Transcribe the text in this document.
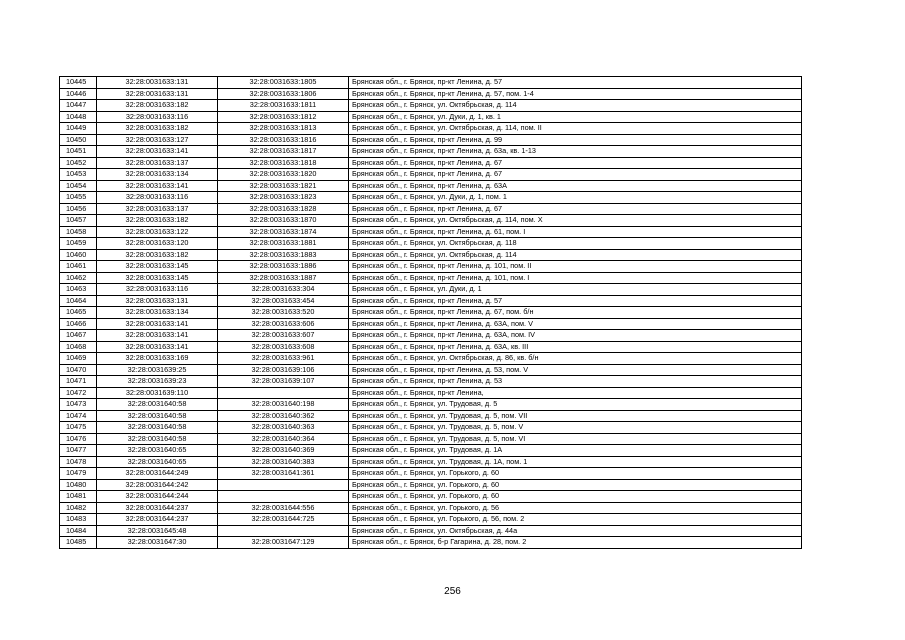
10445	32:28:0031633:131	32:28:0031633:1805	Брянская обл., г. Брянск, пр-кт Ленина, д. 57
10446	32:28:0031633:131	32:28:0031633:1806	Брянская обл., г. Брянск, пр-кт Ленина, д. 57, пом. 1-4
10447	32:28:0031633:182	32:28:0031633:1811	Брянская обл., г. Брянск, ул. Октябрьская, д. 114
10448	32:28:0031633:116	32:28:0031633:1812	Брянская обл., г. Брянск, ул. Дуки, д. 1, кв. 1
10449	32:28:0031633:182	32:28:0031633:1813	Брянская обл., г. Брянск, ул. Октябрьская, д. 114, пом. II
10450	32:28:0031633:127	32:28:0031633:1816	Брянская обл., г. Брянск, пр-кт Ленина, д. 99
10451	32:28:0031633:141	32:28:0031633:1817	Брянская обл., г. Брянск, пр-кт Ленина, д. 63а, кв. 1-13
10452	32:28:0031633:137	32:28:0031633:1818	Брянская обл., г. Брянск, пр-кт Ленина, д. 67
10453	32:28:0031633:134	32:28:0031633:1820	Брянская обл., г. Брянск, пр-кт Ленина, д. 67
10454	32:28:0031633:141	32:28:0031633:1821	Брянская обл., г. Брянск, пр-кт Ленина, д. 63А
10455	32:28:0031633:116	32:28:0031633:1823	Брянская обл., г. Брянск, ул. Дуки, д. 1, пом. 1
10456	32:28:0031633:137	32:28:0031633:1828	Брянская обл., г. Брянск, пр-кт Ленина, д. 67
10457	32:28:0031633:182	32:28:0031633:1870	Брянская обл., г. Брянск, ул. Октябрьская, д. 114, пом. X
10458	32:28:0031633:122	32:28:0031633:1874	Брянская обл., г. Брянск, пр-кт Ленина, д. 61, пом. I
10459	32:28:0031633:120	32:28:0031633:1881	Брянская обл., г. Брянск, ул. Октябрьская, д. 118
10460	32:28:0031633:182	32:28:0031633:1883	Брянская обл., г. Брянск, ул. Октябрьская, д. 114
10461	32:28:0031633:145	32:28:0031633:1886	Брянская обл., г. Брянск, пр-кт Ленина, д. 101, пом. II
10462	32:28:0031633:145	32:28:0031633:1887	Брянская обл., г. Брянск, пр-кт Ленина, д. 101, пом. I
10463	32:28:0031633:116	32:28:0031633:304	Брянская обл., г. Брянск, ул. Дуки, д. 1
10464	32:28:0031633:131	32:28:0031633:454	Брянская обл., г. Брянск, пр-кт Ленина, д. 57
10465	32:28:0031633:134	32:28:0031633:520	Брянская обл., г. Брянск, пр-кт Ленина, д. 67, пом. б/н
10466	32:28:0031633:141	32:28:0031633:606	Брянская обл., г. Брянск, пр-кт Ленина, д. 63А, пом. V
10467	32:28:0031633:141	32:28:0031633:607	Брянская обл., г. Брянск, пр-кт Ленина, д. 63А, пом. IV
10468	32:28:0031633:141	32:28:0031633:608	Брянская обл., г. Брянск, пр-кт Ленина, д. 63А, кв. III
10469	32:28:0031633:169	32:28:0031633:961	Брянская обл., г. Брянск, ул. Октябрьская, д. 86, кв. б/н
10470	32:28:0031639:25	32:28:0031639:106	Брянская обл., г. Брянск, пр-кт Ленина, д. 53, пом. V
10471	32:28:0031639:23	32:28:0031639:107	Брянская обл., г. Брянск, пр-кт Ленина, д. 53
10472	32:28:0031639:110		Брянская обл., г. Брянск, пр-кт Ленина,
10473	32:28:0031640:58	32:28:0031640:198	Брянская обл., г. Брянск, ул. Трудовая, д. 5
10474	32:28:0031640:58	32:28:0031640:362	Брянская обл., г. Брянск, ул. Трудовая, д. 5, пом. VII
10475	32:28:0031640:58	32:28:0031640:363	Брянская обл., г. Брянск, ул. Трудовая, д. 5, пом. V
10476	32:28:0031640:58	32:28:0031640:364	Брянская обл., г. Брянск, ул. Трудовая, д. 5, пом. VI
10477	32:28:0031640:65	32:28:0031640:369	Брянская обл., г. Брянск, ул. Трудовая, д. 1А
10478	32:28:0031640:65	32:28:0031640:383	Брянская обл., г. Брянск, ул. Трудовая, д. 1А, пом. 1
10479	32:28:0031644:249	32:28:0031641:361	Брянская обл., г. Брянск, ул. Горького, д. 60
10480	32:28:0031644:242		Брянская обл., г. Брянск, ул. Горького, д. 60
10481	32:28:0031644:244		Брянская обл., г. Брянск, ул. Горького, д. 60
10482	32:28:0031644:237	32:28:0031644:556	Брянская обл., г. Брянск, ул. Горького, д. 56
10483	32:28:0031644:237	32:28:0031644:725	Брянская обл., г. Брянск, ул. Горького, д. 56, пом. 2
10484	32:28:0031645:48		Брянская обл., г. Брянск, ул. Октябрьская, д. 44а
10485	32:28:0031647:30	32:28:0031647:129	Брянская обл., г. Брянск, б-р Гагарина, д. 28, пом. 2
256
